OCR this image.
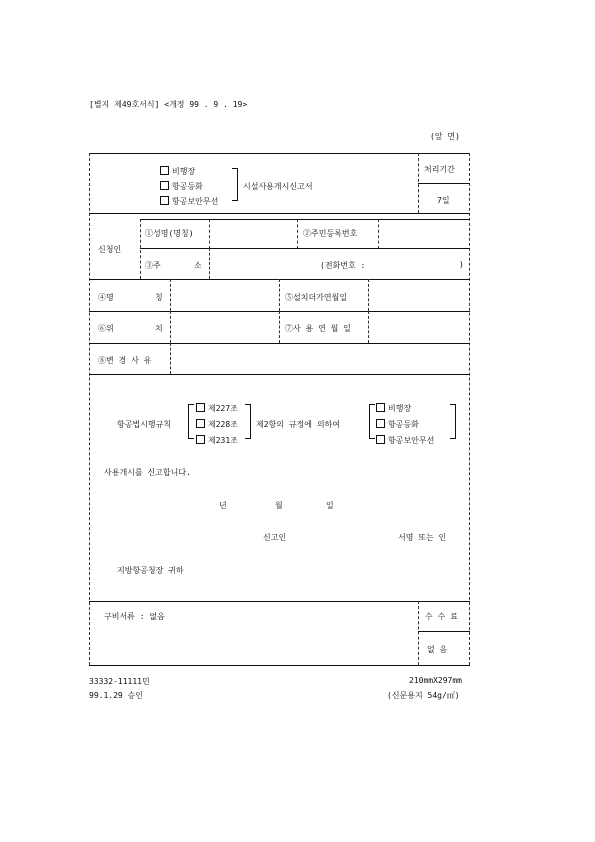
[별지 제49호서식] <개정 99 . 9 . 19>
(앞 면)
비행장
항공등화
항공보안무선
시설사용개시신고서
처리기간
7일
신청인
①성명(명칭)	②주민등록번호
③주	소	(전화번호 :	)
④명	칭	⑤설치더가연월일
⑥위	치	⑦사 용 연 월 일
⑧변 경 사 유
항공법시행규칙
제227조
제228조
제231조
제2항의 규정에 의하여
비행장
항공등화
항공보안무선
사용개시를 신고합니다.
년	월	일
신고인	서명 또는 인
지방항공청장 귀하
구비서류 : 없음	수 수 료
없 음
33332-11111민	210mmX297mm
99.1.29 승인	(신문용지 54g/㎡)
